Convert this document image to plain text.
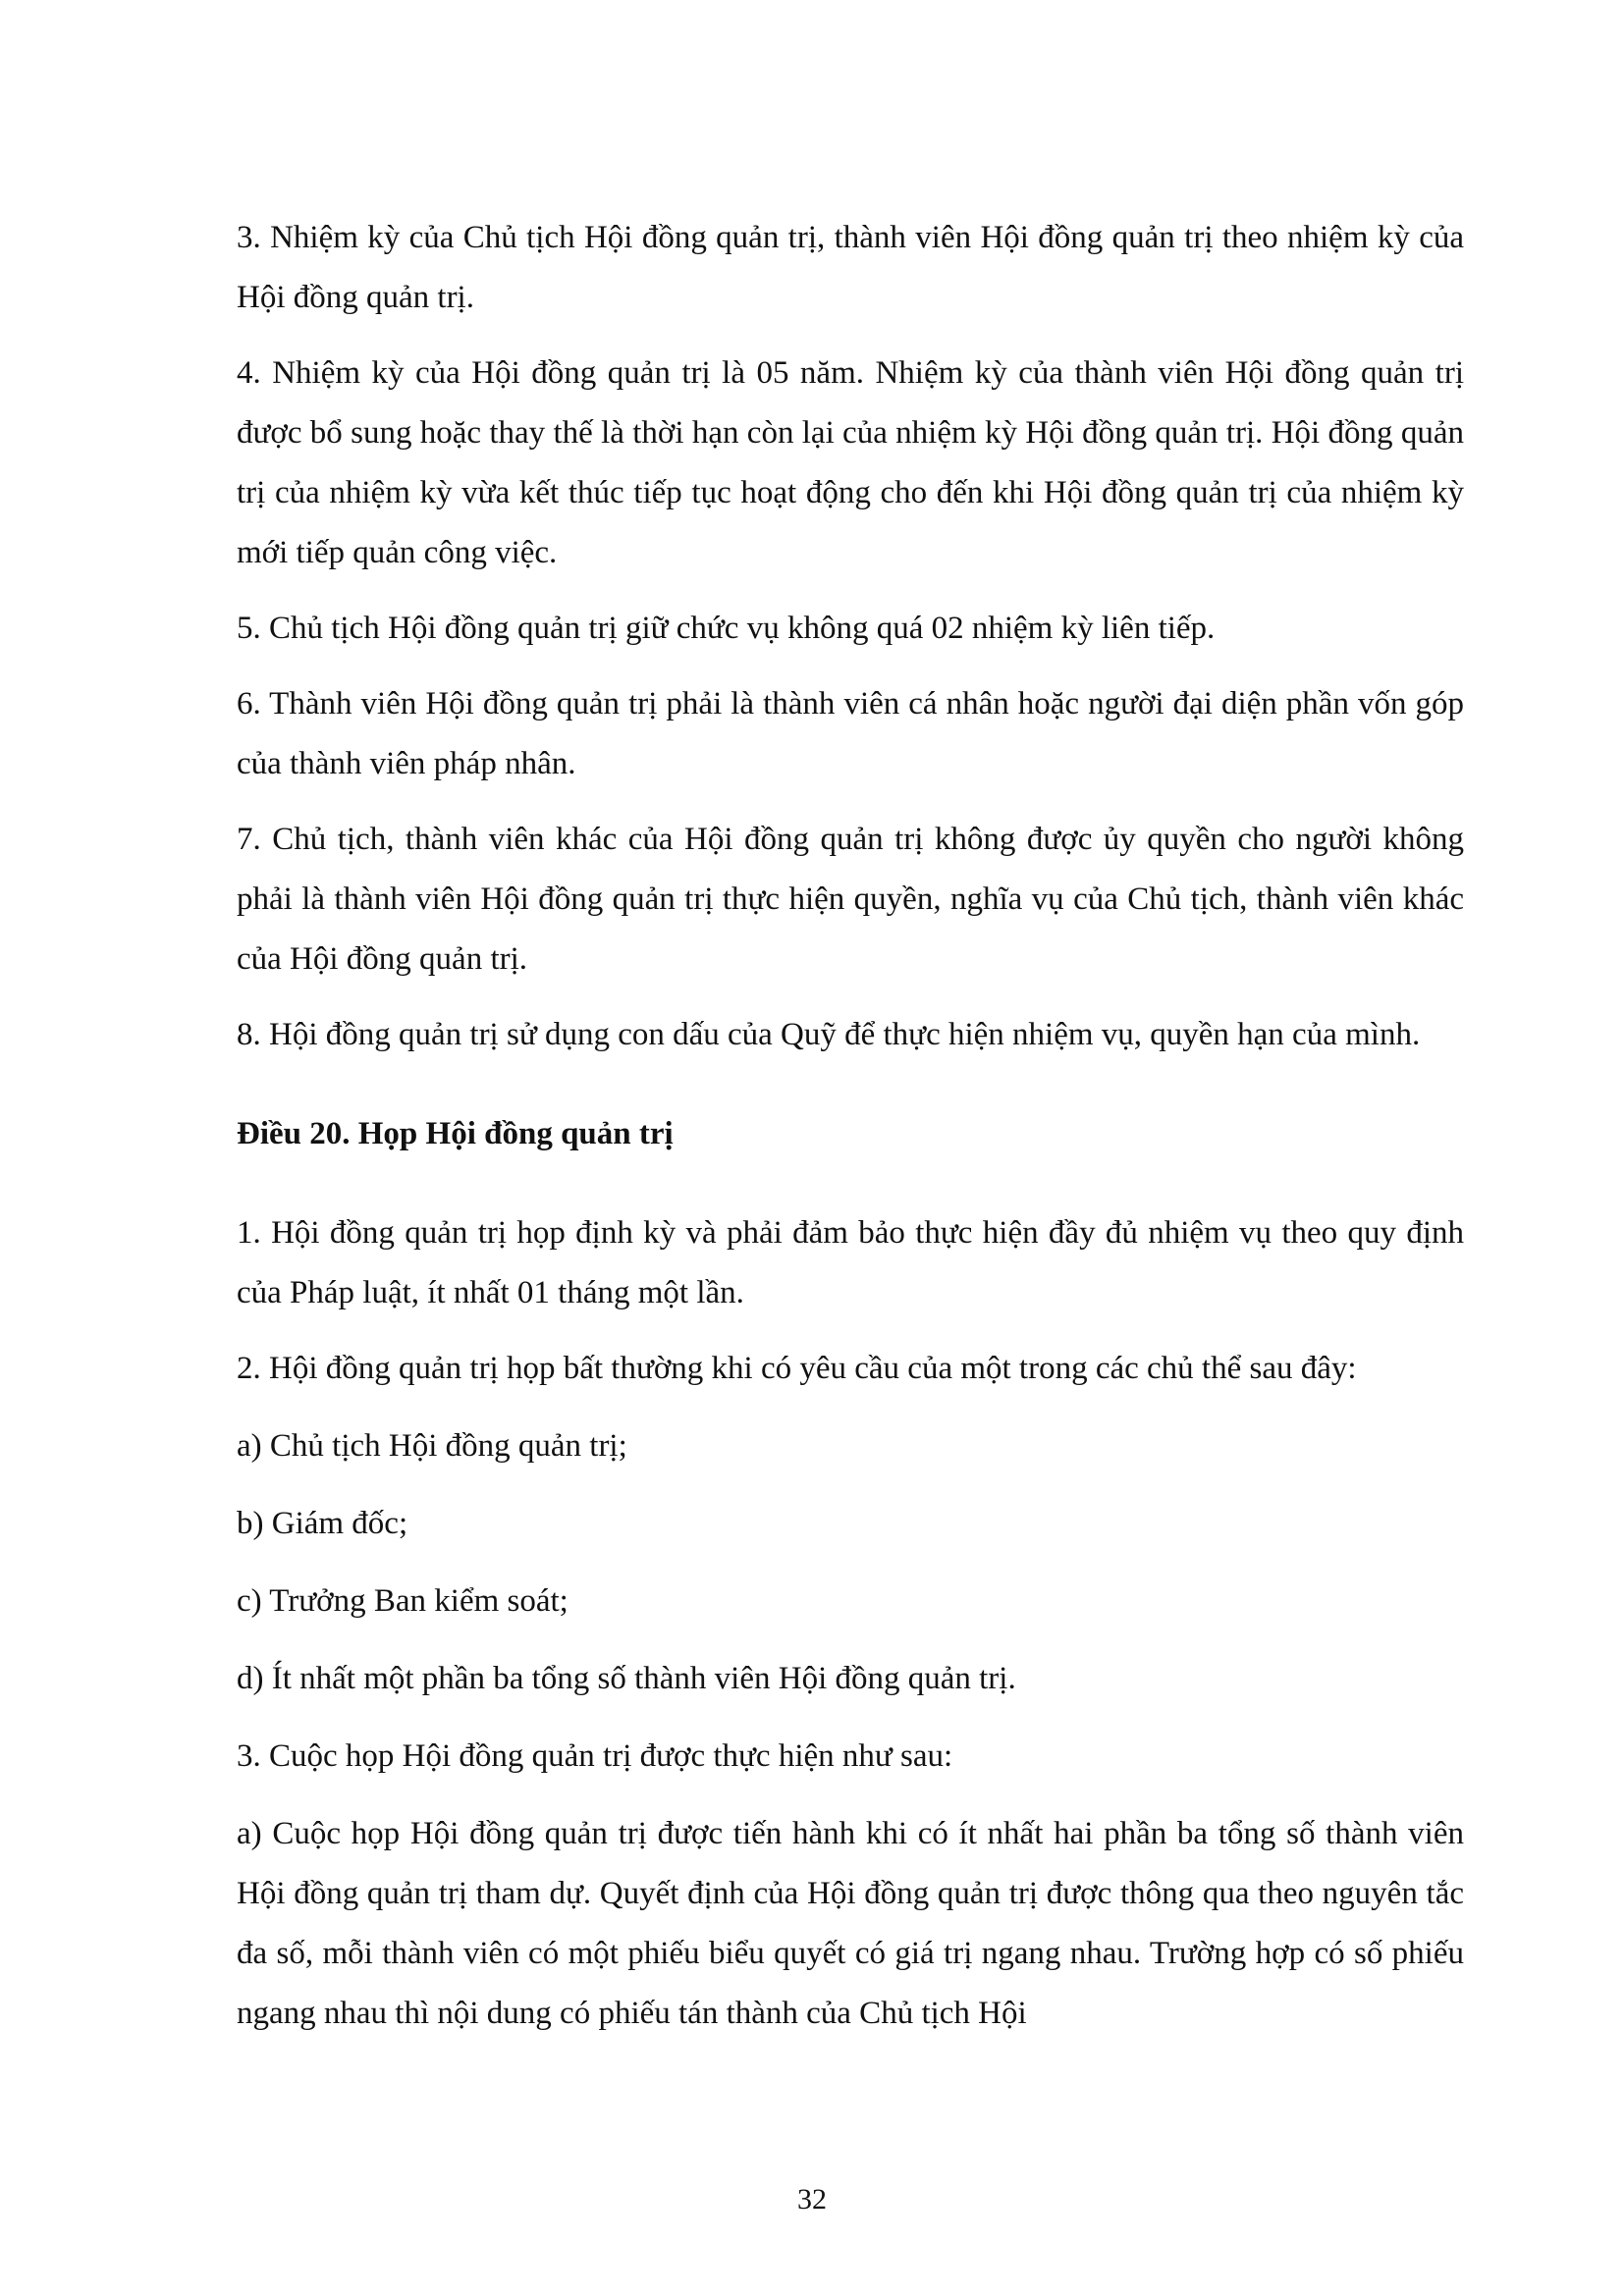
3. Nhiệm kỳ của Chủ tịch Hội đồng quản trị, thành viên Hội đồng quản trị theo nhiệm kỳ của Hội đồng quản trị.

4. Nhiệm kỳ của Hội đồng quản trị là 05 năm. Nhiệm kỳ của thành viên Hội đồng quản trị được bổ sung hoặc thay thế là thời hạn còn lại của nhiệm kỳ Hội đồng quản trị. Hội đồng quản trị của nhiệm kỳ vừa kết thúc tiếp tục hoạt động cho đến khi Hội đồng quản trị của nhiệm kỳ mới tiếp quản công việc.

5. Chủ tịch Hội đồng quản trị giữ chức vụ không quá 02 nhiệm kỳ liên tiếp.

6. Thành viên Hội đồng quản trị phải là thành viên cá nhân hoặc người đại diện phần vốn góp của thành viên pháp nhân.

7. Chủ tịch, thành viên khác của Hội đồng quản trị không được ủy quyền cho người không phải là thành viên Hội đồng quản trị thực hiện quyền, nghĩa vụ của Chủ tịch, thành viên khác của Hội đồng quản trị.

8. Hội đồng quản trị sử dụng con dấu của Quỹ để thực hiện nhiệm vụ, quyền hạn của mình.

Điều 20. Họp Hội đồng quản trị

1. Hội đồng quản trị họp định kỳ và phải đảm bảo thực hiện đầy đủ nhiệm vụ theo quy định của Pháp luật, ít nhất 01 tháng một lần.

2. Hội đồng quản trị họp bất thường khi có yêu cầu của một trong các chủ thể sau đây:

a) Chủ tịch Hội đồng quản trị;

b) Giám đốc;

c) Trưởng Ban kiểm soát;

d) Ít nhất một phần ba tổng số thành viên Hội đồng quản trị.

3. Cuộc họp Hội đồng quản trị được thực hiện như sau:

a) Cuộc họp Hội đồng quản trị được tiến hành khi có ít nhất hai phần ba tổng số thành viên Hội đồng quản trị tham dự. Quyết định của Hội đồng quản trị được thông qua theo nguyên tắc đa số, mỗi thành viên có một phiếu biểu quyết có giá trị ngang nhau. Trường hợp có số phiếu ngang nhau thì nội dung có phiếu tán thành của Chủ tịch Hội

32
